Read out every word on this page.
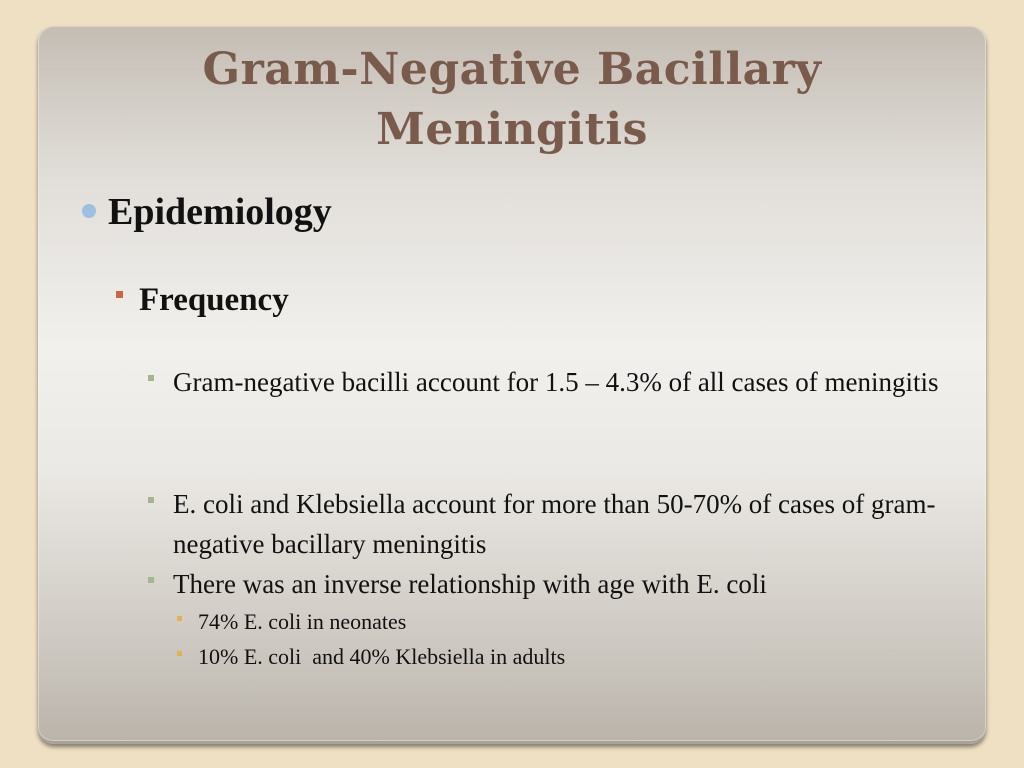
Gram-Negative Bacillary
Meningitis
Epidemiology
Frequency
Gram-negative bacilli account for 1.5 – 4.3% of all cases of meningitis
E. coli and Klebsiella account for more than 50-70% of cases of gram-negative bacillary meningitis
There was an inverse relationship with age with E. coli
74% E. coli in neonates
10% E. coli  and 40% Klebsiella in adults
